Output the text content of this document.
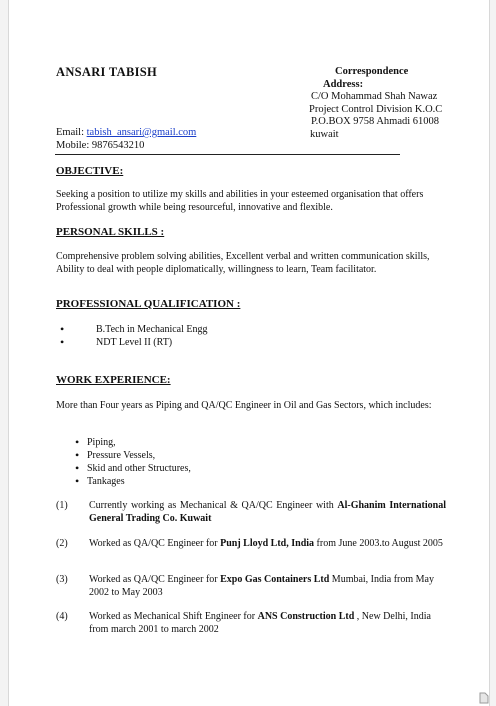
ANSARI TABISH	Correspondence
Address:
C/O Mohammad Shah Nawaz
Project Control Division K.O.C
P.O.BOX 9758 Ahmadi 61008
kuwait
Email: tabish_ansari@gmail.com
Mobile: 9876543210
OBJECTIVE:
Seeking a position to utilize my skills and abilities in your esteemed organisation that offers Professional growth while being resourceful, innovative and flexible.
PERSONAL SKILLS :
Comprehensive problem solving abilities, Excellent verbal and written communication skills, Ability to deal with people diplomatically, willingness to learn, Team facilitator.
PROFESSIONAL QUALIFICATION :
• B.Tech in Mechanical Engg
• NDT Level II (RT)
WORK EXPERIENCE:
More than Four years as Piping and QA/QC Engineer in Oil and Gas Sectors, which includes:
• Piping,
• Pressure Vessels,
• Skid and other Structures,
• Tankages
(1) Currently working as Mechanical & QA/QC Engineer with Al-Ghanim International General Trading Co. Kuwait
(2) Worked as QA/QC Engineer for Punj Lloyd Ltd, India from June 2003.to August 2005
(3) Worked as QA/QC Engineer for Expo Gas Containers Ltd Mumbai, India from May 2002 to May 2003
(4) Worked as Mechanical Shift Engineer for ANS Construction Ltd , New Delhi, India from march 2001 to march 2002
